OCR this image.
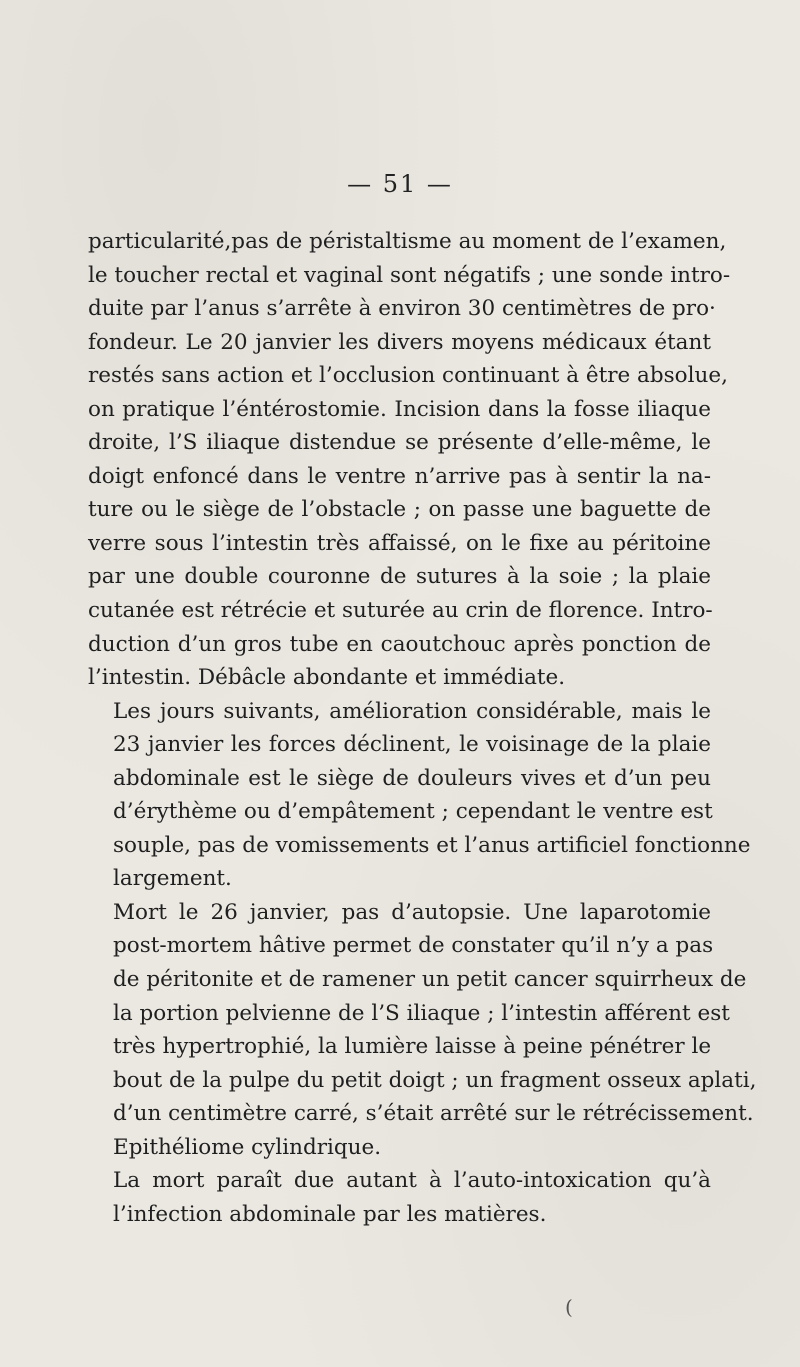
— 51 —

particularité,pas de péristaltisme au moment de l’examen,
le toucher rectal et vaginal sont négatifs ; une sonde intro-
duite par l’anus s’arrête à environ 30 centimètres de pro·
fondeur. Le 20 janvier les divers moyens médicaux étant
restés sans action et l’occlusion continuant à être absolue,
on pratique l’éntérostomie. Incision dans la fosse iliaque
droite, l’S iliaque distendue se présente d’elle-même, le
doigt enfoncé dans le ventre n’arrive pas à sentir la na-
ture ou le siège de l’obstacle ; on passe une baguette de
verre sous l’intestin très affaissé, on le fixe au péritoine
par une double couronne de sutures à la soie ; la plaie
cutanée est rétrécie et suturée au crin de florence. Intro-
duction d’un gros tube en caoutchouc après ponction de
l’intestin. Débâcle abondante et immédiate.

Les jours suivants, amélioration considérable, mais le
23 janvier les forces déclinent, le voisinage de la plaie
abdominale est le siège de douleurs vives et d’un peu
d’érythème ou d’empâtement ; cependant le ventre est
souple, pas de vomissements et l’anus artificiel fonctionne
largement.

Mort le 26 janvier, pas d’autopsie. Une laparotomie
post-mortem hâtive permet de constater qu’il n’y a pas
de péritonite et de ramener un petit cancer squirrheux de
la portion pelvienne de l’S iliaque ; l’intestin afférent est
très hypertrophié, la lumière laisse à peine pénétrer le
bout de la pulpe du petit doigt ; un fragment osseux aplati,
d’un centimètre carré, s’était arrêté sur le rétrécissement.
Epithéliome cylindrique.

La mort paraît due autant à l’auto-intoxication qu’à
l’infection abdominale par les matières.

(
